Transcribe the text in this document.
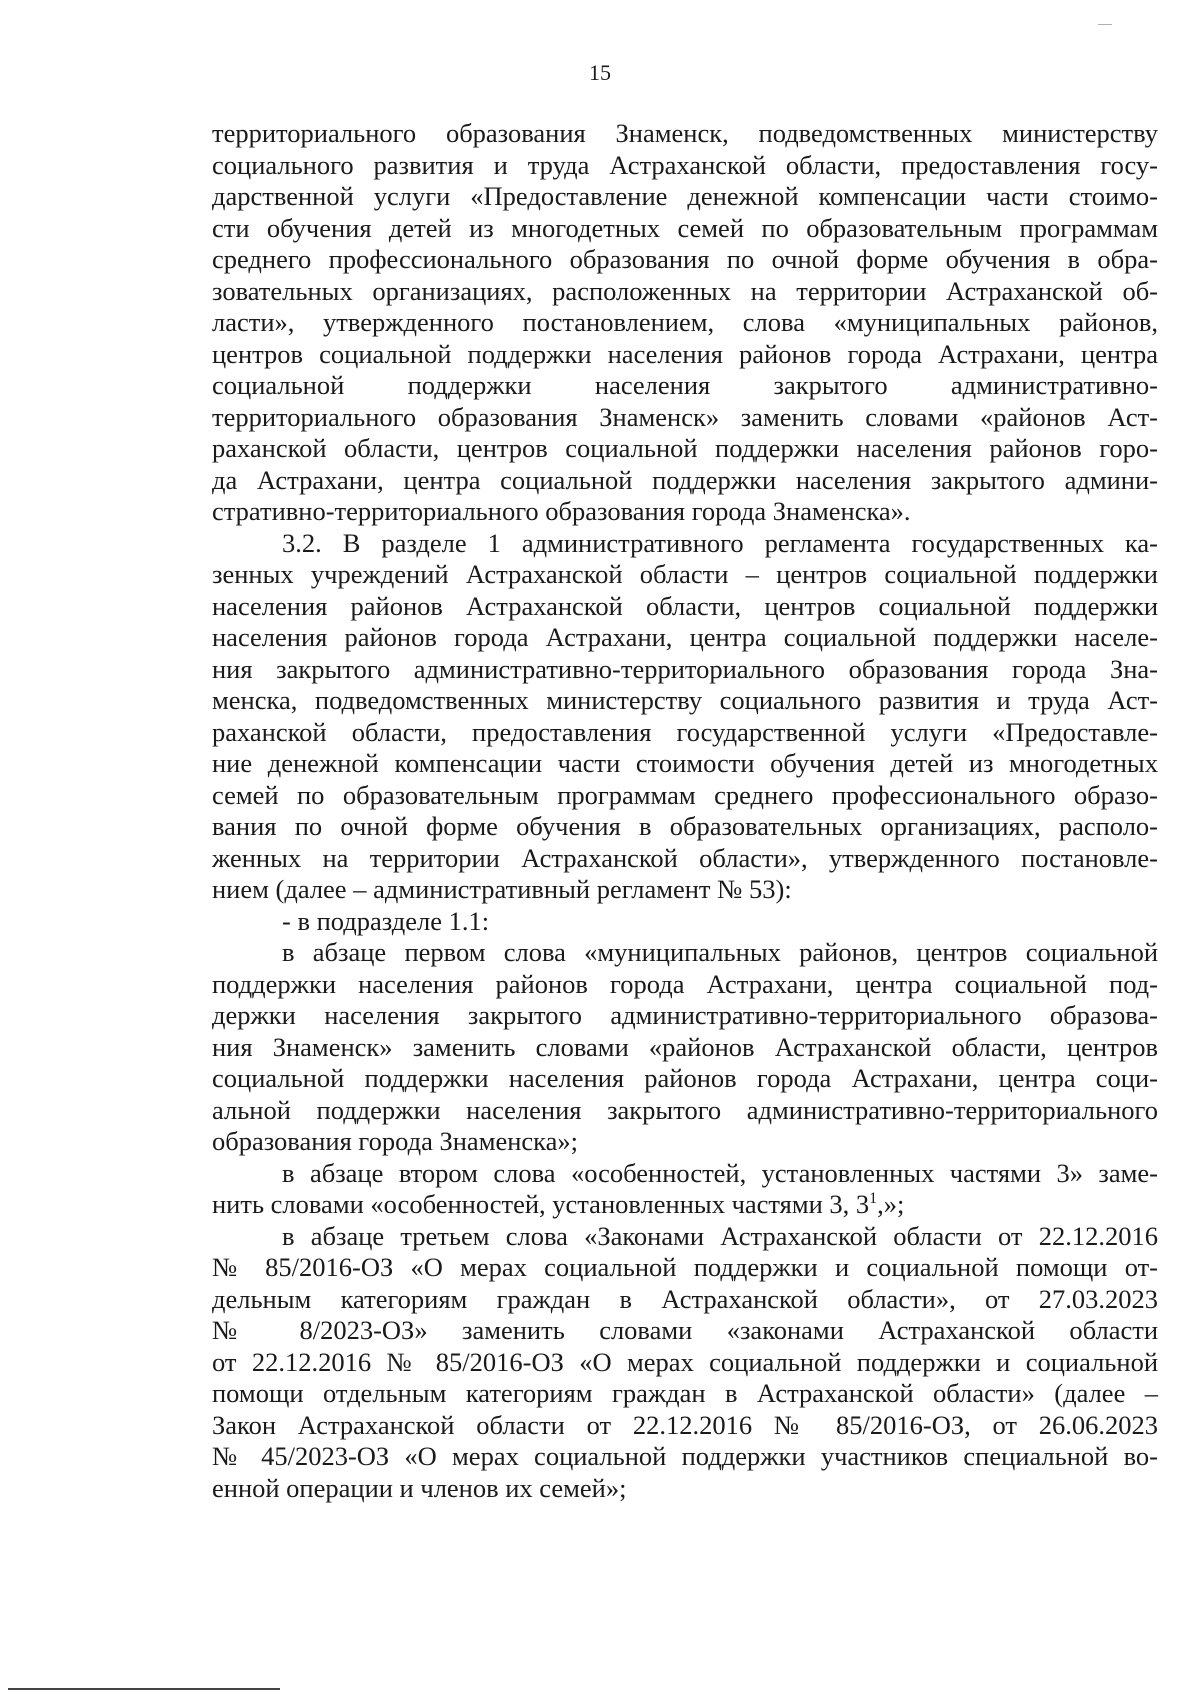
15
территориального образования Знаменск, подведомственных министерству
социального развития и труда Астраханской области, предоставления госу-
дарственной услуги «Предоставление денежной компенсации части стоимо-
сти обучения детей из многодетных семей по образовательным программам
среднего профессионального образования по очной форме обучения в обра-
зовательных организациях, расположенных на территории Астраханской об-
ласти», утвержденного постановлением, слова «муниципальных районов,
центров социальной поддержки населения районов города Астрахани, центра
социальной поддержки населения закрытого административно-
территориального образования Знаменск» заменить словами «районов Аст-
раханской области, центров социальной поддержки населения районов горо-
да Астрахани, центра социальной поддержки населения закрытого админи-
стративно-территориального образования города Знаменска».
3.2. В разделе 1 административного регламента государственных ка-
зенных учреждений Астраханской области – центров социальной поддержки
населения районов Астраханской области, центров социальной поддержки
населения районов города Астрахани, центра социальной поддержки населе-
ния закрытого административно-территориального образования города Зна-
менска, подведомственных министерству социального развития и труда Аст-
раханской области, предоставления государственной услуги «Предоставле-
ние денежной компенсации части стоимости обучения детей из многодетных
семей по образовательным программам среднего профессионального образо-
вания по очной форме обучения в образовательных организациях, располо-
женных на территории Астраханской области», утвержденного постановле-
нием (далее – административный регламент № 53):
- в подразделе 1.1:
в абзаце первом слова «муниципальных районов, центров социальной
поддержки населения районов города Астрахани, центра социальной под-
держки населения закрытого административно-территориального образова-
ния Знаменск» заменить словами «районов Астраханской области, центров
социальной поддержки населения районов города Астрахани, центра соци-
альной поддержки населения закрытого административно-территориального
образования города Знаменска»;
в абзаце втором слова «особенностей, установленных частями 3» заме-
нить словами «особенностей, установленных частями 3, $3^1$,»;
в абзаце третьем слова «Законами Астраханской области от 22.12.2016
№ 85/2016-ОЗ «О мерах социальной поддержки и социальной помощи от-
дельным категориям граждан в Астраханской области», от 27.03.2023
№ 8/2023-ОЗ» заменить словами «законами Астраханской области
от 22.12.2016 № 85/2016-ОЗ «О мерах социальной поддержки и социальной
помощи отдельным категориям граждан в Астраханской области» (далее –
Закон Астраханской области от 22.12.2016 № 85/2016-ОЗ, от 26.06.2023
№ 45/2023-ОЗ «О мерах социальной поддержки участников специальной во-
енной операции и членов их семей»;
